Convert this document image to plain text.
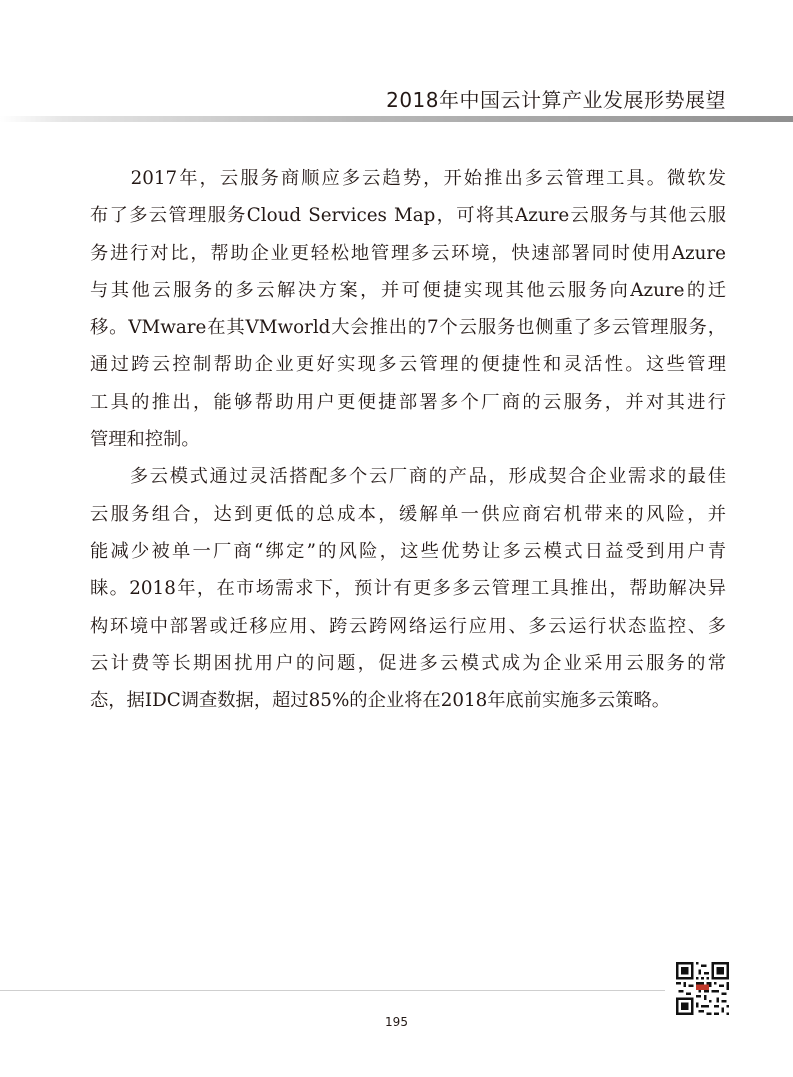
2018年中国云计算产业发展形势展望
　　2017年，云服务商顺应多云趋势，开始推出多云管理工具。微软发
布了多云管理服务Cloud Services Map，可将其Azure云服务与其他云服
务进行对比，帮助企业更轻松地管理多云环境，快速部署同时使用Azure
与其他云服务的多云解决方案，并可便捷实现其他云服务向Azure的迁
移。VMware在其VMworld大会推出的7个云服务也侧重了多云管理服务，
通过跨云控制帮助企业更好实现多云管理的便捷性和灵活性。这些管理
工具的推出，能够帮助用户更便捷部署多个厂商的云服务，并对其进行
管理和控制。
　　多云模式通过灵活搭配多个云厂商的产品，形成契合企业需求的最佳
云服务组合，达到更低的总成本，缓解单一供应商宕机带来的风险，并
能减少被单一厂商“绑定”的风险，这些优势让多云模式日益受到用户青
睐。2018年，在市场需求下，预计有更多多云管理工具推出，帮助解决异
构环境中部署或迁移应用、跨云跨网络运行应用、多云运行状态监控、多
云计费等长期困扰用户的问题，促进多云模式成为企业采用云服务的常
态，据IDC调查数据，超过85%的企业将在2018年底前实施多云策略。
195
